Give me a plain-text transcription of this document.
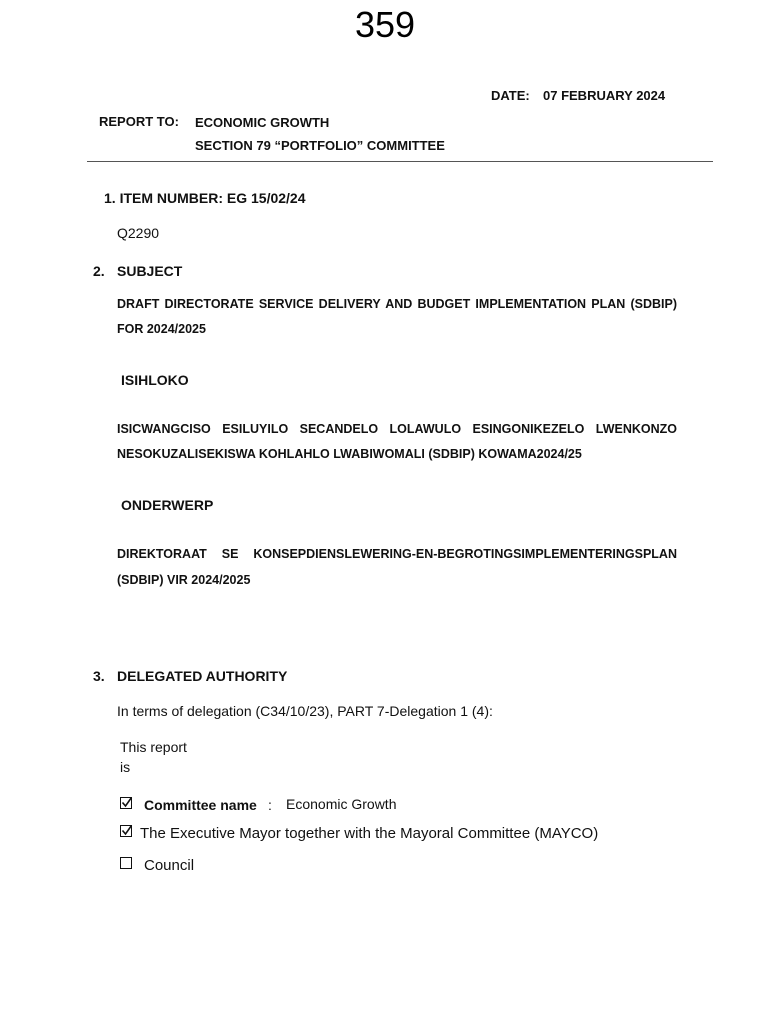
359
DATE: 07 FEBRUARY 2024
REPORT TO: ECONOMIC GROWTH
SECTION 79 “PORTFOLIO” COMMITTEE
1. ITEM NUMBER: EG 15/02/24
Q2290
2. SUBJECT
DRAFT DIRECTORATE SERVICE DELIVERY AND BUDGET IMPLEMENTATION PLAN (SDBIP)
FOR 2024/2025
ISIHLOKO
ISICWANGCISO ESILUYILO SECANDELO LOLAWULO ESINGONIKEZELO LWENKONZO
NESOKUZALISEKISWA KOHLAHLO LWABIWOMALI (SDBIP) KOWAMA2024/25
ONDERWERP
DIREKTORAAT SE KONSEPDIENSLEWERING-EN-BEGROTINGSIMPLEMENTERINGSPLAN
(SDBIP) VIR 2024/2025
3. DELEGATED AUTHORITY
In terms of delegation (C34/10/23), PART 7-Delegation 1 (4):
This report
is
Committee name : Economic Growth
The Executive Mayor together with the Mayoral Committee (MAYCO)
Council
